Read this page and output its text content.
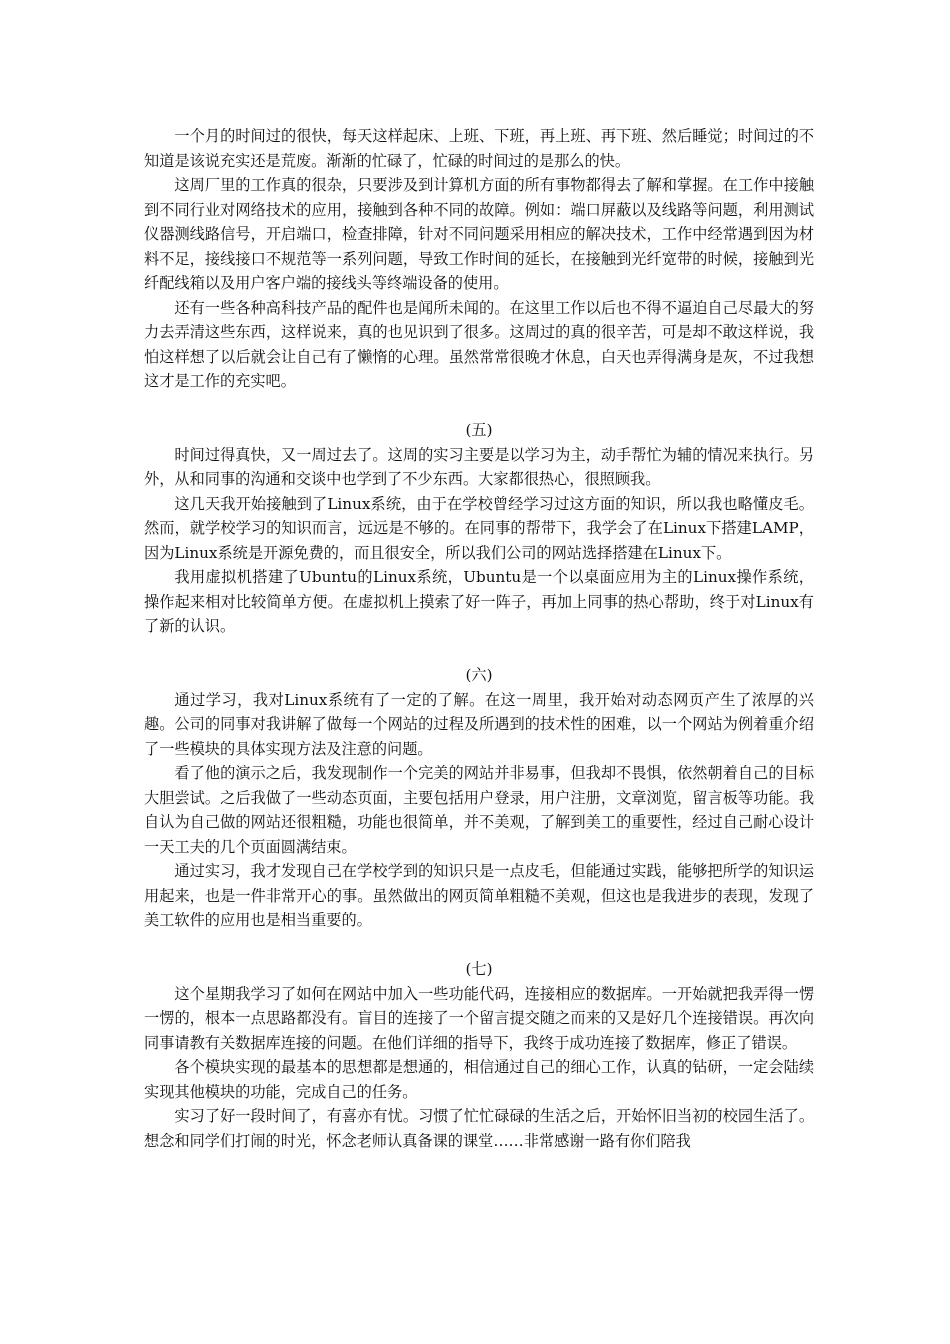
一个月的时间过的很快，每天这样起床、上班、下班，再上班、再下班、然后睡觉；时间过的不知道是该说充实还是荒废。渐渐的忙碌了，忙碌的时间过的是那么的快。

这周厂里的工作真的很杂，只要涉及到计算机方面的所有事物都得去了解和掌握。在工作中接触到不同行业对网络技术的应用，接触到各种不同的故障。例如：端口屏蔽以及线路等问题，利用测试仪器测线路信号，开启端口，检查排障，针对不同问题采用相应的解决技术，工作中经常遇到因为材料不足，接线接口不规范等一系列问题，导致工作时间的延长，在接触到光纤宽带的时候，接触到光纤配线箱以及用户客户端的接线头等终端设备的使用。

还有一些各种高科技产品的配件也是闻所未闻的。在这里工作以后也不得不逼迫自己尽最大的努力去弄清这些东西，这样说来，真的也见识到了很多。这周过的真的很辛苦，可是却不敢这样说，我怕这样想了以后就会让自己有了懒惰的心理。虽然常常很晚才休息，白天也弄得满身是灰，不过我想这才是工作的充实吧。

(五)

时间过得真快，又一周过去了。这周的实习主要是以学习为主，动手帮忙为辅的情况来执行。另外，从和同事的沟通和交谈中也学到了不少东西。大家都很热心，很照顾我。

这几天我开始接触到了Linux系统，由于在学校曾经学习过这方面的知识，所以我也略懂皮毛。然而，就学校学习的知识而言，远远是不够的。在同事的帮带下，我学会了在Linux下搭建LAMP，因为Linux系统是开源免费的，而且很安全，所以我们公司的网站选择搭建在Linux下。

我用虚拟机搭建了Ubuntu的Linux系统，Ubuntu是一个以桌面应用为主的Linux操作系统，操作起来相对比较简单方便。在虚拟机上摸索了好一阵子，再加上同事的热心帮助，终于对Linux有了新的认识。

(六)

通过学习，我对Linux系统有了一定的了解。在这一周里，我开始对动态网页产生了浓厚的兴趣。公司的同事对我讲解了做每一个网站的过程及所遇到的技术性的困难，以一个网站为例着重介绍了一些模块的具体实现方法及注意的问题。

看了他的演示之后，我发现制作一个完美的网站并非易事，但我却不畏惧，依然朝着自己的目标大胆尝试。之后我做了一些动态页面，主要包括用户登录，用户注册，文章浏览，留言板等功能。我自认为自己做的网站还很粗糙，功能也很简单，并不美观，了解到美工的重要性，经过自己耐心设计一天工夫的几个页面圆满结束。

通过实习，我才发现自己在学校学到的知识只是一点皮毛，但能通过实践，能够把所学的知识运用起来，也是一件非常开心的事。虽然做出的网页简单粗糙不美观，但这也是我进步的表现，发现了美工软件的应用也是相当重要的。

(七)

这个星期我学习了如何在网站中加入一些功能代码，连接相应的数据库。一开始就把我弄得一愣一愣的，根本一点思路都没有。盲目的连接了一个留言提交随之而来的又是好几个连接错误。再次向同事请教有关数据库连接的问题。在他们详细的指导下，我终于成功连接了数据库，修正了错误。

各个模块实现的最基本的思想都是想通的，相信通过自己的细心工作，认真的钻研，一定会陆续实现其他模块的功能，完成自己的任务。

实习了好一段时间了，有喜亦有忧。习惯了忙忙碌碌的生活之后，开始怀旧当初的校园生活了。想念和同学们打闹的时光，怀念老师认真备课的课堂……非常感谢一路有你们陪我
